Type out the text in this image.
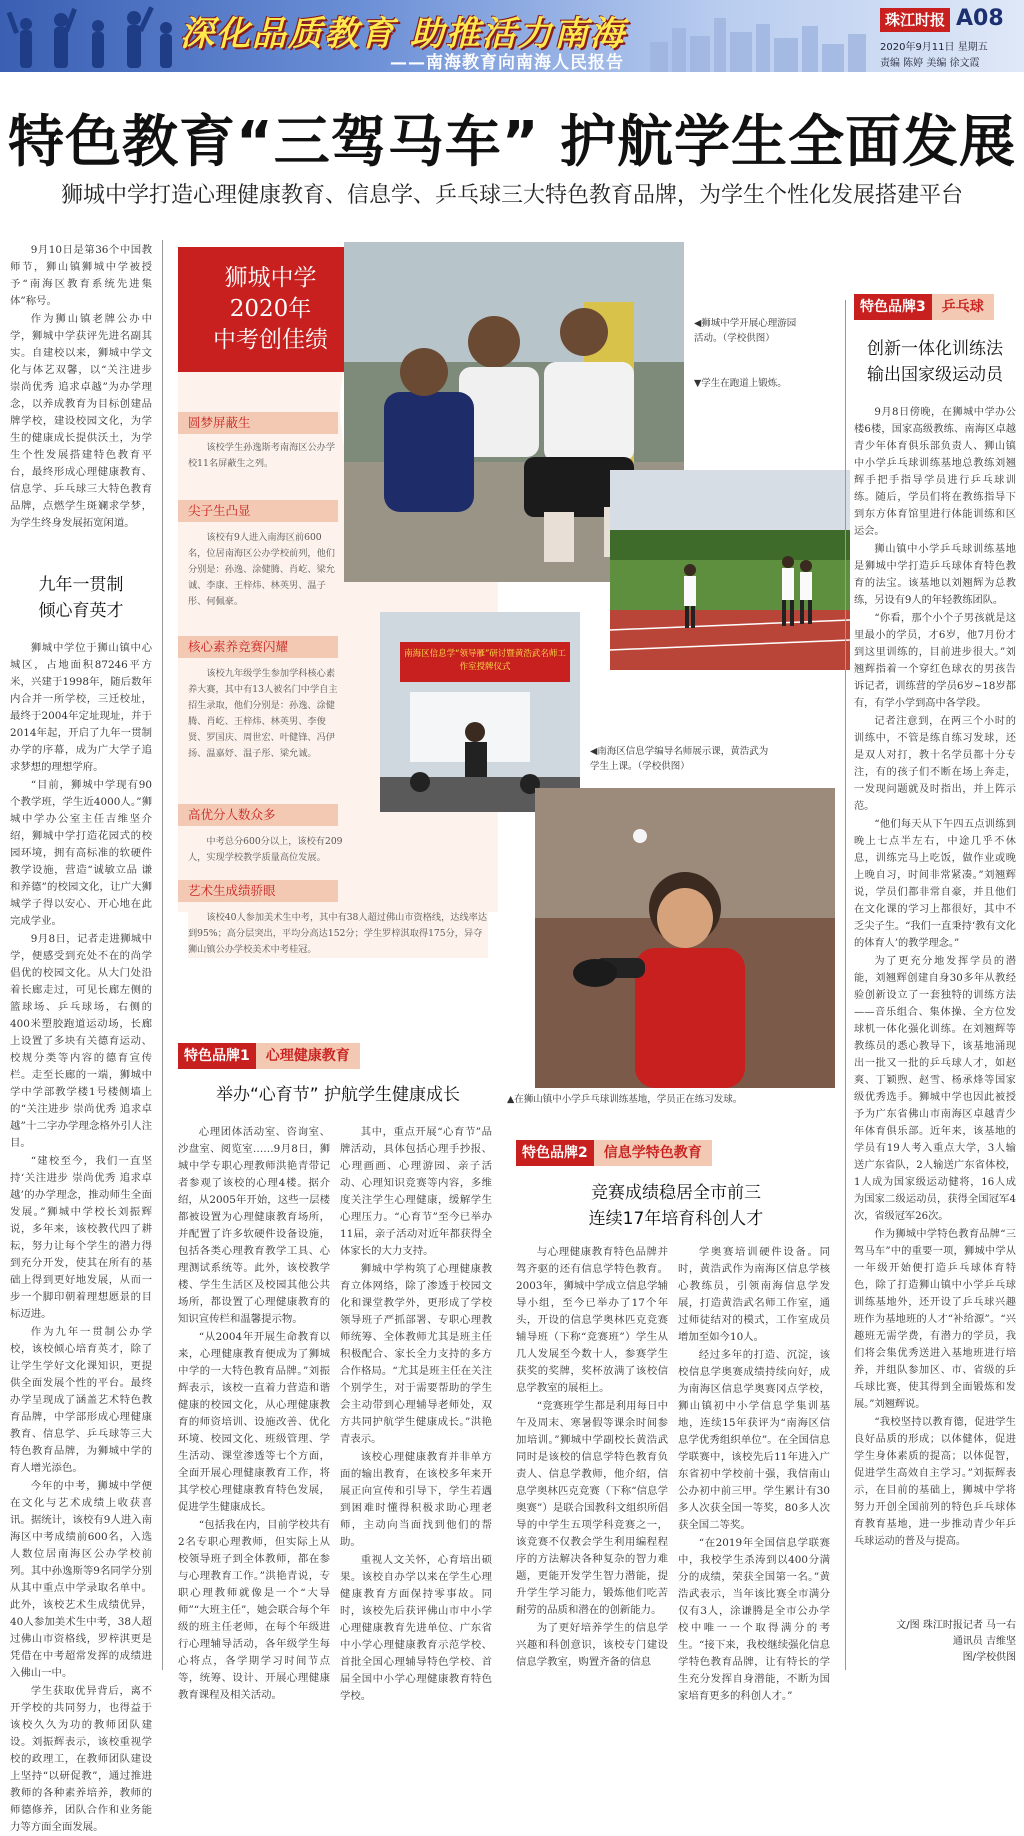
深化品质教育 助推活力南海
——南海教育向南海人民报告
珠江时报 A08
2020年9月11日 星期五
责编 陈婷 美编 徐文霞
特色教育“三驾马车” 护航学生全面发展
狮城中学打造心理健康教育、信息学、乒乓球三大特色教育品牌，为学生个性化发展搭建平台

9月10日是第36个中国教师节，狮山镇狮城中学被授予“南海区教育系统先进集体”称号。

作为狮山镇老牌公办中学，狮城中学获评先进名副其实。自建校以来，狮城中学文化与体艺双馨，以“关注进步 崇尚优秀 追求卓越”为办学理念，以养成教育为目标创建品牌学校，建设校园文化，为学生的健康成长提供沃土，为学生个性发展搭建特色教育平台，最终形成心理健康教育、信息学、乒乓球三大特色教育品牌，点燃学生斑斓求学梦，为学生终身发展拓宽闲道。

九年一贯制
倾心育英才

狮城中学位于狮山镇中心城区，占地面积87246平方米，兴建于1998年，随后数年内合并一所学校，三迁校址，最终于2004年定址现址，并于2014年起，开启了九年一贯制办学的序幕，成为广大学子追求梦想的理想学府。

“目前，狮城中学现有90个教学班，学生近4000人。”狮城中学办公室主任吉维坚介绍，狮城中学打造花园式的校园环境，拥有高标准的软硬件教学设施，营造“诚敏立品 谦和养德”的校园文化，让广大狮城学子得以安心、开心地在此完成学业。

9月8日，记者走进狮城中学，便感受到充处不在的尚学倡优的校园文化。从大门处沿着长廊走过，可见长廊左侧的篮球场、乒乓球场，右侧的400米塑胶跑道运动场，长廊上设置了多块有关德育运动、校规分类等内容的德育宣传栏。走至长廊的一端，狮城中学中学部教学楼1号楼侧墙上的“关注进步 崇尚优秀 追求卓越”十二字办学理念格外引人注目。

“建校至今，我们一直坚持‘关注进步 崇尚优秀 追求卓越’的办学理念，推动师生全面发展。”狮城中学校长刘振辉说，多年来，该校教代四了耕耘，努力让每个学生的潜力得到充分开发，使其在所有的基础上得到更好地发展，从而一步一个脚印朝着理想愿景的目标迈进。

作为九年一贯制公办学校，该校倾心培育英才，除了让学生学好文化课知识，更提供全面发展个性的平台。最终办学呈现成了涵盖艺术特色教育品牌，中学部形成心理健康教育、信息学、乒乓球等三大特色教育品牌，为狮城中学的育人增光添色。

今年的中考，狮城中学便在文化与艺术成绩上收获喜讯。据统计，该校有9人进入南海区中考成绩前600名，入选人数位居南海区公办学校前列。其中孙逸斯等9名同学分别从其中重点中学录取名单中。此外，该校艺术生成绩优异，40人参加美术生中考，38人超过佛山市资格线，罗梓淇更是凭借在中考超常发挥的成绩进入佛山一中。

学生获取优异背后，离不开学校的共同努力，也得益于该校久久为功的教师团队建设。刘振辉表示，该校重视学校的政理工，在教师团队建设上坚持“以研促教”，通过推进教师的各种素养培养，教师的师德修养，团队合作和业务能力等方面全面发展。

狮城中学
2020年
中考创佳绩
圆梦屏蔽生
该校学生孙逸斯考南海区公办学校11名屏蔽生之列。
尖子生凸显
该校有9人进入南海区前600名，位居南海区公办学校前列，他们分别是：孙逸、涂健腾、肖屹、梁允诚、李康、王梓炜、林英男、温子彤、何佩豪。
核心素养竞赛闪耀
该校九年级学生参加学科核心素养大赛，其中有13人被名门中学自主招生录取，他们分别是：孙逸、涂健腾、肖屹、王梓炜、林英男、李俊贤、罗国庆、周世宏、叶健锋、冯伊扬、温嘉妤、温子彤、梁允诚。
高优分人数众多
中考总分600分以上，该校有209人，实现学校教学质量高位发展。
艺术生成绩骄眼
该校40人参加美术生中考，其中有38人超过佛山市资格线，达线率达到95%；高分层突出，平均分高达152分；学生罗梓淇取得175分，异夺狮山镇公办学校美术中考桂冠。
◀狮城中学开展心理游园活动。（学校供图）
▼学生在跑道上锻炼。
南海区信息学“领导雁”研讨暨黄浩武名师工作室授牌仪式
◀南海区信息学编导名师展示课，黄浩武为学生上课。（学校供图）
▲在狮山镇中小学乒乓球训练基地，学员正在练习发球。
特色品牌1	心理健康教育
举办“心育节” 护航学生健康成长

心理团体活动室、咨询室、沙盘室、阅览室……9月8日，狮城中学专职心理教师洪艳青带记者参观了该校的心理4楼。据介绍，从2005年开始，这些一层楼都被设置为心理健康教育场所，并配置了许多软硬件设备设施，包括各类心理教育教学工具、心理测试系统等。此外，该校教学楼、学生生活区及校园其他公共场所，都设置了心理健康教育的知识宣传栏和温馨提示物。

“从2004年开展生命教育以来，心理健康教育便成为了狮城中学的一大特色教育品牌。”刘振辉表示，该校一直着力营造和谐健康的校园文化，从心理健康教育的师资培训、设施改善、优化环境、校园文化、班级管理、学生活动、课堂渗透等七个方面，全面开展心理健康教育工作，将其学校心理健康教育特色发展，促进学生健康成长。

“包括我在内，目前学校共有2名专职心理教师，但实际上从校领导班子到全体教师，都在参与心理教育工作。”洪艳青说，专职心理教师就像是一个“大导师”“大班主任”，她会联合每个年级的班主任老师，在每个年级进行心理辅导活动，各年级学生每心将点，各学期学习时间节点等，统筹、设计、开展心理健康教育课程及相关活动。

其中，重点开展“心育节”品牌活动，具体包括心理手抄报、心理画画、心理游园、亲子活动、心理知识竞赛等内容，多维度关注学生心理健康，缓解学生心理压力。“心育节”至今已举办11届，亲子活动对近年都获得全体家长的大力支持。

狮城中学构筑了心理健康教育立体网络，除了渗透于校园文化和课堂教学外，更形成了学校领导班子严抓部署、专职心理教师统筹、全体教师尤其是班主任积极配合、家长全力支持的多方合作格局。“尤其是班主任在关注个别学生，对于需要帮助的学生会主动带到心理辅导老师处，双方共同护航学生健康成长。”洪艳青表示。

该校心理健康教育并非单方面的输出教育，在该校多年来开展正向宣传和引导下，学生若遇到困难时懂得积极求助心理老师，主动向当面找到他们的帮助。

重视人文关怀，心育培出硕果。该校自办学以来在学生心理健康教育方面保持零事故。同时，该校先后获评佛山市中小学心理健康教育先进单位、广东省中小学心理健康教育示范学校、首批全国心理辅导特色学校、首届全国中小学心理健康教育特色学校。

特色品牌2	信息学特色教育
竞赛成绩稳居全市前三
连续17年培育科创人才

与心理健康教育特色品牌并驾齐驱的还有信息学特色教育。2003年，狮城中学成立信息学辅导小组，至今已举办了17个年头，开设的信息学奥林匹克竞赛辅导班（下称“竞赛班”）学生从几人发展至今数十人，参赛学生获奖的奖牌，奖杯放满了该校信息学教室的展柜上。

“竞赛班学生都是利用每日中午及周末、寒暑假等课余时间参加培训。”狮城中学副校长黄浩武同时是该校的信息学特色教育负责人、信息学教师，他介绍，信息学奥林匹克竞赛（下称“信息学奥赛”）是联合国教科文组织所倡导的中学生五项学科竞赛之一，该竞赛不仅教会学生利用编程程序的方法解决各种复杂的智力难题，更能开发学生智力潜能，提升学生学习能力，锻炼他们吃苦耐劳的品质和潜在的创新能力。

为了更好培养学生的信息学兴趣和科创意识，该校专门建设信息学教室，购置齐备的信息

学奥赛培训硬件设备。同时，黄浩武作为南海区信息学核心教练员，引领南海信息学发展，打造黄浩武名师工作室，通过师徒结对的模式，工作室成员增加至如今10人。

经过多年的打造、沉淀，该校信息学奥赛成绩持续向好，成为南海区信息学奥赛冈点学校，狮山镇初中小学信息学集训基地，连续15年获评为“南海区信息学优秀组织单位”。在全国信息学联赛中，该校先后11年进入广东省初中学校前十强，我信南山公办初中前三甲。学生累计有30多人次获全国一等奖，80多人次获全国二等奖。

“在2019年全国信息学联赛中，我校学生杀涛到以400分满分的成绩，荣获全国第一名。”黄浩武表示，当年该比赛全市满分仅有3人，涂谦腾是全市公办学校中唯一一个取得满分的考生。“接下来，我校继续强化信息学特色教育品牌，让有特长的学生充分发挥自身潜能，不断为国家培育更多的科创人才。”

特色品牌3	乒乓球
创新一体化训练法
输出国家级运动员

9月8日傍晚，在狮城中学办公楼6楼，国家高级教练、南海区卓越青少年体育俱乐部负责人、狮山镇中小学乒乓球训练基地总教练刘翘辉手把手指导学员进行乒乓球训练。随后，学员们将在教练指导下到东方体育馆里进行体能训练和区运会。

狮山镇中小学乒乓球训练基地是狮城中学打造乒乓球体育特色教育的法宝。该基地以刘翘辉为总教练，另设有9人的年轻教练团队。

“你看，那个小个子男孩就是这里最小的学员，才6岁，他7月份才到这里训练的，目前进步很大。”刘翘辉指着一个穿红色球衣的男孩告诉记者，训练营的学员6岁~18岁都有，有学小学到高中各学段。

记者注意到，在两三个小时的训练中，不管是练自练习发球，还是双人对打，教十名学员都十分专注，有的孩子们不断在场上奔走，一发现问题就及时指出，并上阵示范。

“他们每天从下午四五点训练到晚上七点半左右，中途几乎不休息，训练完马上吃饭，做作业或晚上晚自习，时间非常紧凑。”刘翘辉说，学员们都非常自豪，并且他们在文化课的学习上都很好，其中不乏尖子生。“我们一直秉持‘教有文化的体育人’的教学理念。”

为了更充分地发挥学员的潜能，刘翘辉创建自身30多年从教经验创新设立了一套独特的训练方法——音乐组合、集体操、全方位发球机一体化强化训练。在刘翘辉等教练员的悉心教导下，该基地涌现出一批又一批的乒乓球人才，如赵爽、丁颖煦、赵雪、杨承烽等国家级优秀选手。狮城中学也因此被授予为广东省佛山市南海区卓越青少年体育俱乐部。近年来，该基地的学员有19人考入重点大学，3人输送广东省队，2人输送广东省体校，1人成为国家级运动健将，16人成为国家二级运动员，获得全国冠军4次，省级冠军26次。

作为狮城中学特色教育品牌“三驾马车”中的重要一项，狮城中学从一年级开始便打造乒乓球体育特色，除了打造狮山镇中小学乒乓球训练基地外，还开设了乒乓球兴趣班作为基地班的人才“补给源”。“兴趣班无需学费，有潜力的学员，我们将会集优秀送进入基地班进行培养，并组队参加区、市、省级的乒乓球比赛，使其得到全面锻炼和发展。”刘翘辉说。

“我校坚持以教育德，促进学生良好品质的形成；以体健体，促进学生身体素质的提高；以体促智，促进学生高效自主学习。”刘振辉表示，在目前的基础上，狮城中学将努力开创全国前列的特色乒乓球体育教育基地，进一步推动青少年乒乓球运动的普及与提高。

文/图 珠江时报记者 马一右
通讯员 吉维坚
图/学校供图
